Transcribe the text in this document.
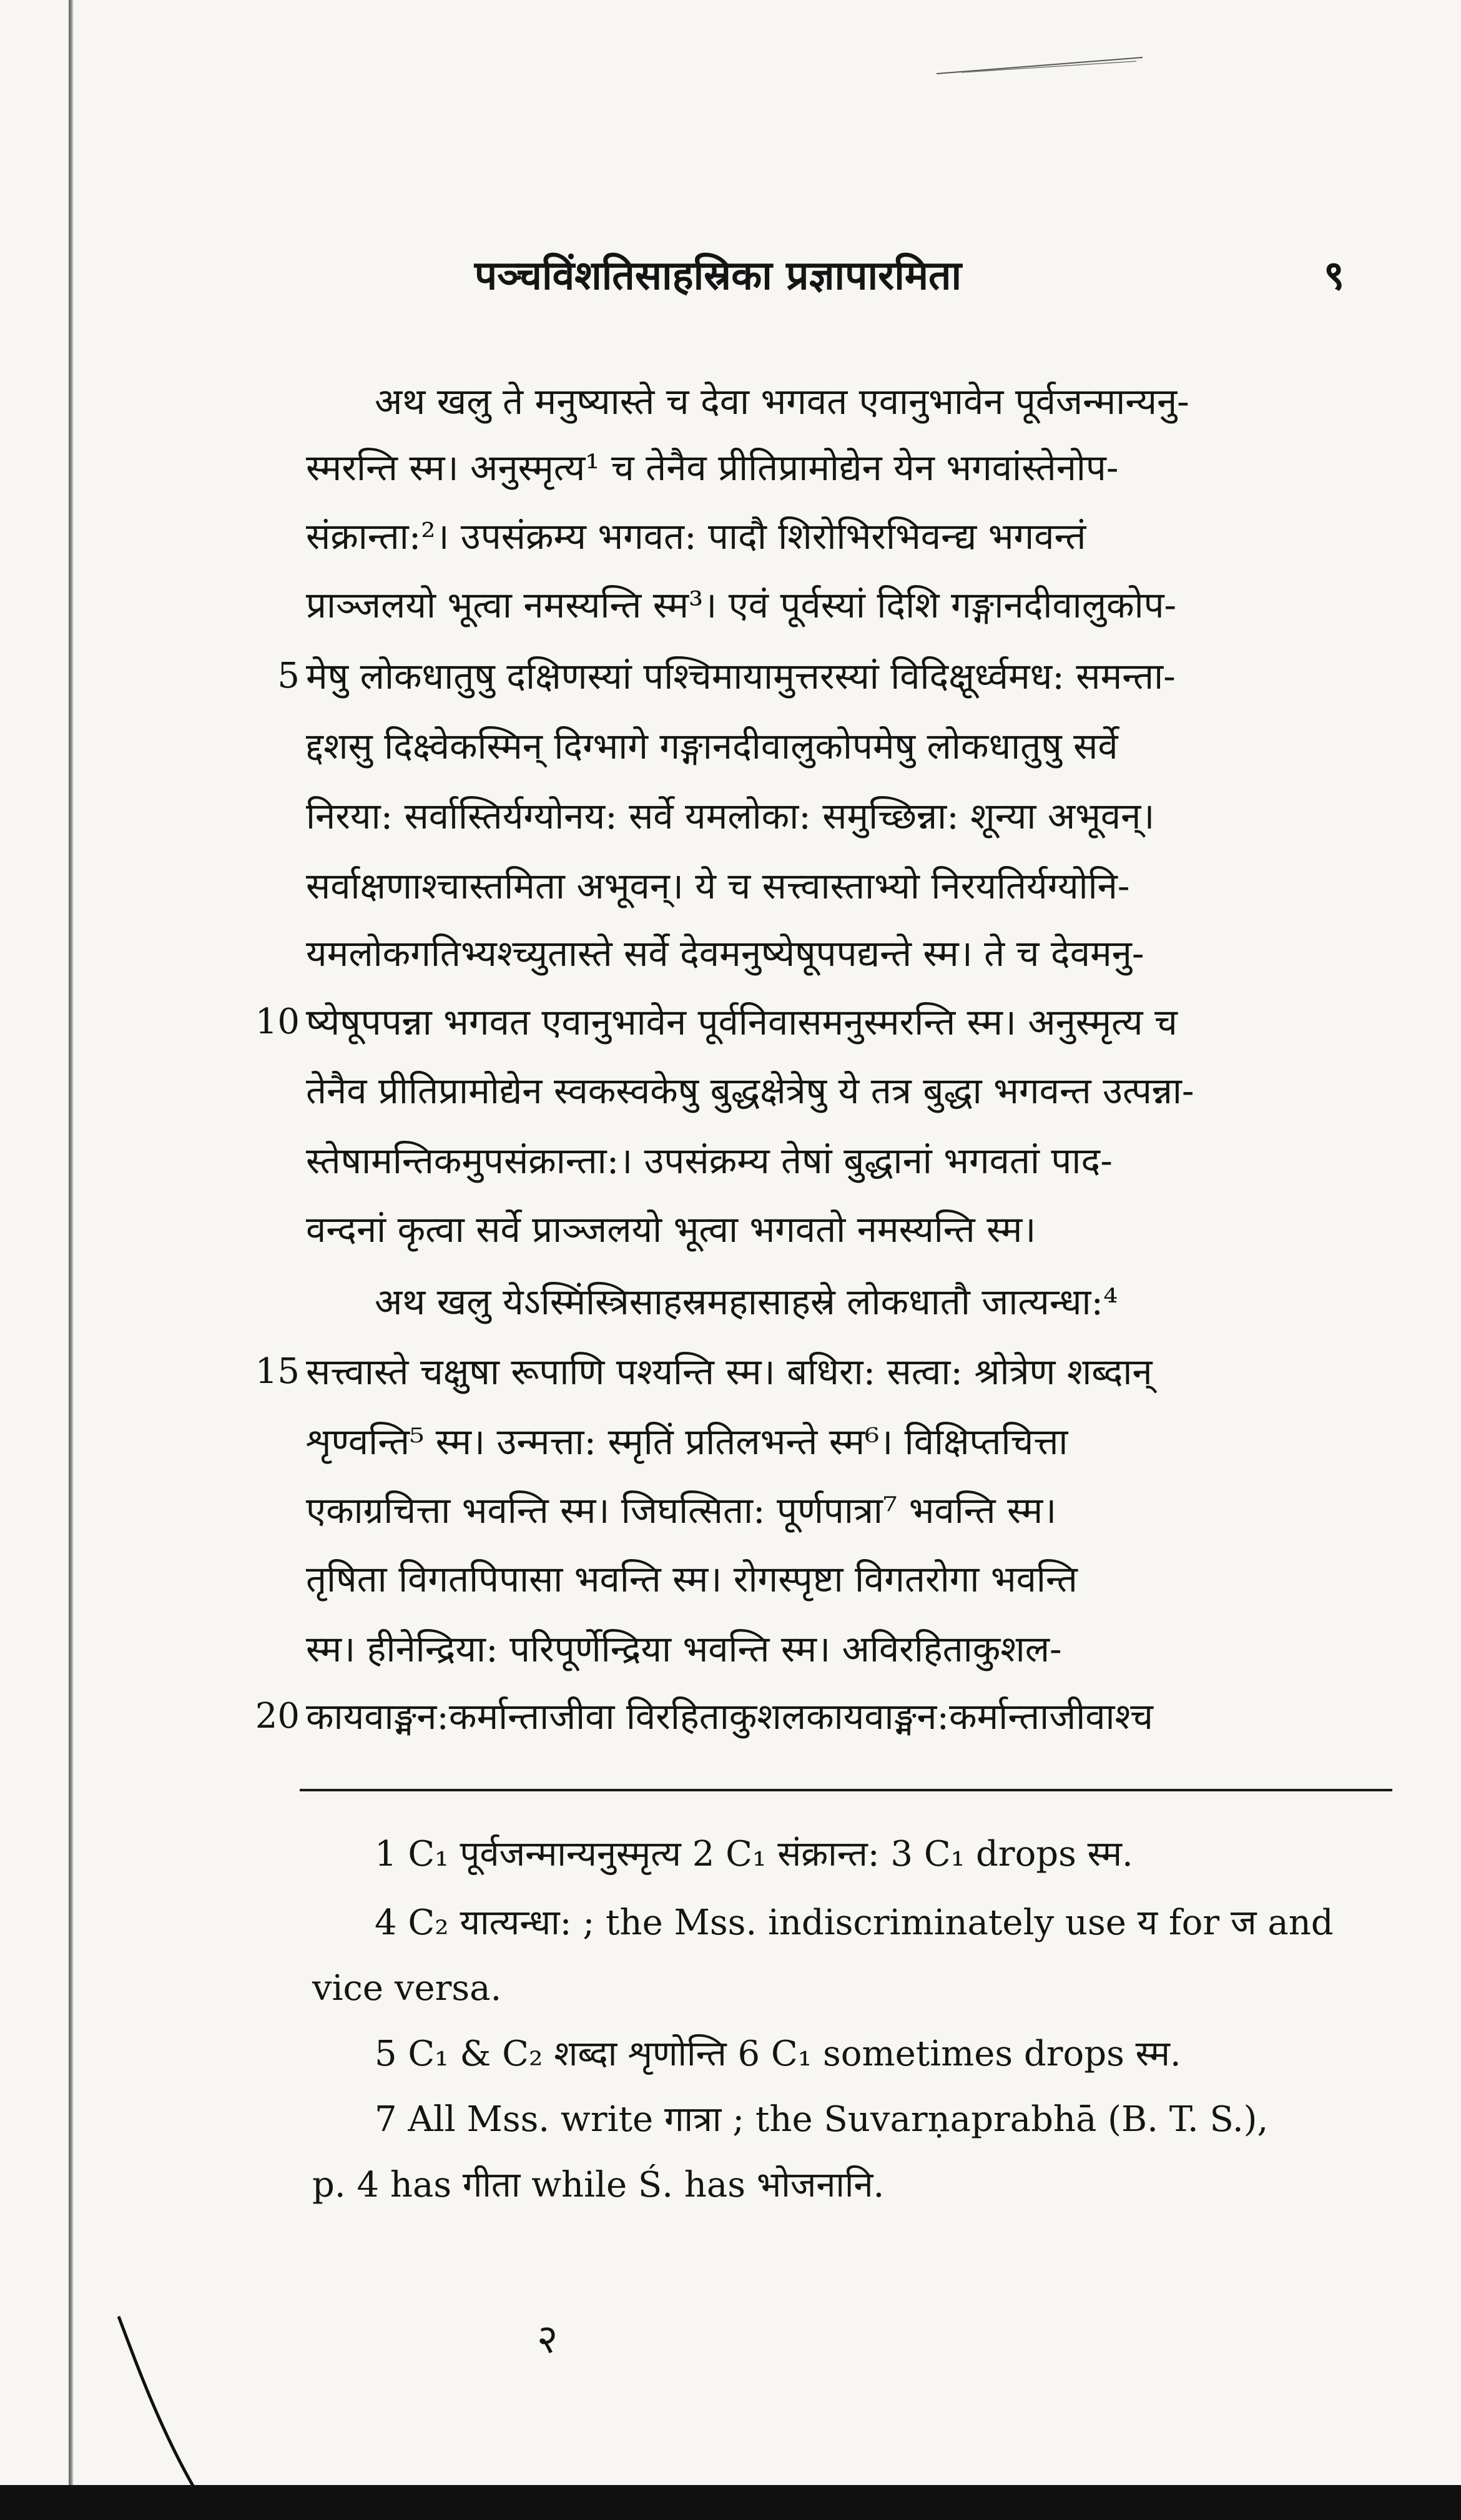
पञ्चविंशतिसाहस्रिका प्रज्ञापारमिता	९
अथ खलु ते मनुष्यास्ते च देवा भगवत एवानुभावेन पूर्वजन्मान्यनु-
स्मरन्ति स्म। अनुस्मृत्य¹ च तेनैव प्रीतिप्रामोद्येन येन भगवांस्तेनोप-
संक्रान्ता:²। उपसंक्रम्य भगवत: पादौ शिरोभिरभिवन्द्य भगवन्तं
प्राञ्जलयो भूत्वा नमस्यन्ति स्म³। एवं पूर्वस्यां दिशि गङ्गानदीवालुकोप-
मेषु लोकधातुषु दक्षिणस्यां पश्चिमायामुत्तरस्यां विदिक्षूर्ध्वमध: समन्ता-
5
द्दशसु दिक्ष्वेकस्मिन् दिग्भागे गङ्गानदीवालुकोपमेषु लोकधातुषु सर्वे
निरया: सर्वास्तिर्यग्योनय: सर्वे यमलोका: समुच्छिन्ना: शून्या अभूवन्।
सर्वाक्षणाश्चास्तमिता अभूवन्। ये च सत्त्वास्ताभ्यो निरयतिर्यग्योनि-
यमलोकगतिभ्यश्च्युतास्ते सर्वे देवमनुष्येषूपपद्यन्ते स्म। ते च देवमनु-
ष्येषूपपन्ना भगवत एवानुभावेन पूर्वनिवासमनुस्मरन्ति स्म। अनुस्मृत्य च
10
तेनैव प्रीतिप्रामोद्येन स्वकस्वकेषु बुद्धक्षेत्रेषु ये तत्र बुद्धा भगवन्त उत्पन्ना-
स्तेषामन्तिकमुपसंक्रान्ता:। उपसंक्रम्य तेषां बुद्धानां भगवतां पाद-
वन्दनां कृत्वा सर्वे प्राञ्जलयो भूत्वा भगवतो नमस्यन्ति स्म।
अथ खलु येऽस्मिंस्त्रिसाहस्रमहासाहस्रे लोकधातौ जात्यन्धा:⁴
सत्त्वास्ते चक्षुषा रूपाणि पश्यन्ति स्म। बधिरा: सत्वा: श्रोत्रेण शब्दान्
15
शृण्वन्ति⁵ स्म। उन्मत्ता: स्मृतिं प्रतिलभन्ते स्म⁶। विक्षिप्तचित्ता
एकाग्रचित्ता भवन्ति स्म। जिघत्सिता: पूर्णपात्रा⁷ भवन्ति स्म।
तृषिता विगतपिपासा भवन्ति स्म। रोगस्पृष्टा विगतरोगा भवन्ति
स्म। हीनेन्द्रिया: परिपूर्णेन्द्रिया भवन्ति स्म। अविरहिताकुशल-
कायवाङ्मन:कर्मान्ताजीवा विरहिताकुशलकायवाङ्मन:कर्मान्ताजीवाश्च
20
1 C₁ पूर्वजन्मान्यनुस्मृत्य 2 C₁ संक्रान्त: 3 C₁ drops स्म.
4 C₂ यात्यन्धा: ; the Mss. indiscriminately use य for ज and
vice versa.
5 C₁ & C₂ शब्दा शृणोन्ति 6 C₁ sometimes drops स्म.
7 All Mss. write गात्रा ; the Suvarṇaprabhā (B. T. S.),
p. 4 has गीता while Ś. has भोजनानि.
२
